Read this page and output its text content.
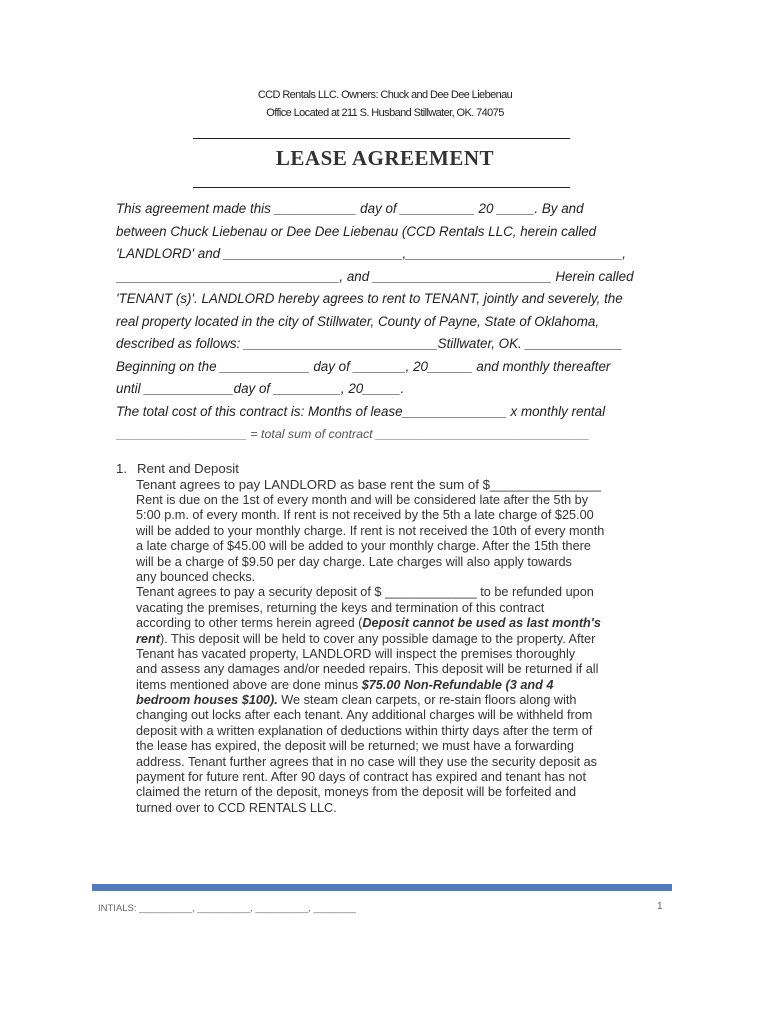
CCD Rentals LLC. Owners: Chuck and Dee Dee Liebenau
Office Located at 211 S. Husband Stillwater, OK. 74075
LEASE AGREEMENT
This agreement made this ___________ day of __________ 20 _____. By and
between Chuck Liebenau or Dee Dee Liebenau (CCD Rentals LLC, herein called
'LANDLORD' and ________________________,_____________________________,
______________________________, and ________________________ Herein called
'TENANT (s)'. LANDLORD hereby agrees to rent to TENANT, jointly and severely, the
real property located in the city of Stillwater, County of Payne, State of Oklahoma,
described as follows: __________________________Stillwater, OK. _____________
Beginning on the ____________ day of _______, 20______ and monthly thereafter
until ____________day of _________, 20_____.
The total cost of this contract is: Months of lease______________ x monthly rental
___________________ = total sum of contract _______________________________
1. Rent and Deposit
Tenant agrees to pay LANDLORD as base rent the sum of $_______________
Rent is due on the 1st of every month and will be considered late after the 5th by
5:00 p.m. of every month. If rent is not received by the 5th a late charge of $25.00
will be added to your monthly charge. If rent is not received the 10th of every month
a late charge of $45.00 will be added to your monthly charge. After the 15th there
will be a charge of $9.50 per day charge. Late charges will also apply towards
any bounced checks.
Tenant agrees to pay a security deposit of $ _____________ to be refunded upon
vacating the premises, returning the keys and termination of this contract
according to other terms herein agreed (Deposit cannot be used as last month's
rent). This deposit will be held to cover any possible damage to the property. After
Tenant has vacated property, LANDLORD will inspect the premises thoroughly
and assess any damages and/or needed repairs. This deposit will be returned if all
items mentioned above are done minus $75.00 Non-Refundable (3 and 4
bedroom houses $100). We steam clean carpets, or re-stain floors along with
changing out locks after each tenant. Any additional charges will be withheld from
deposit with a written explanation of deductions within thirty days after the term of
the lease has expired, the deposit will be returned; we must have a forwarding
address. Tenant further agrees that in no case will they use the security deposit as
payment for future rent. After 90 days of contract has expired and tenant has not
claimed the return of the deposit, moneys from the deposit will be forfeited and
turned over to CCD RENTALS LLC.
INTIALS: __________, __________, __________, ________	1
